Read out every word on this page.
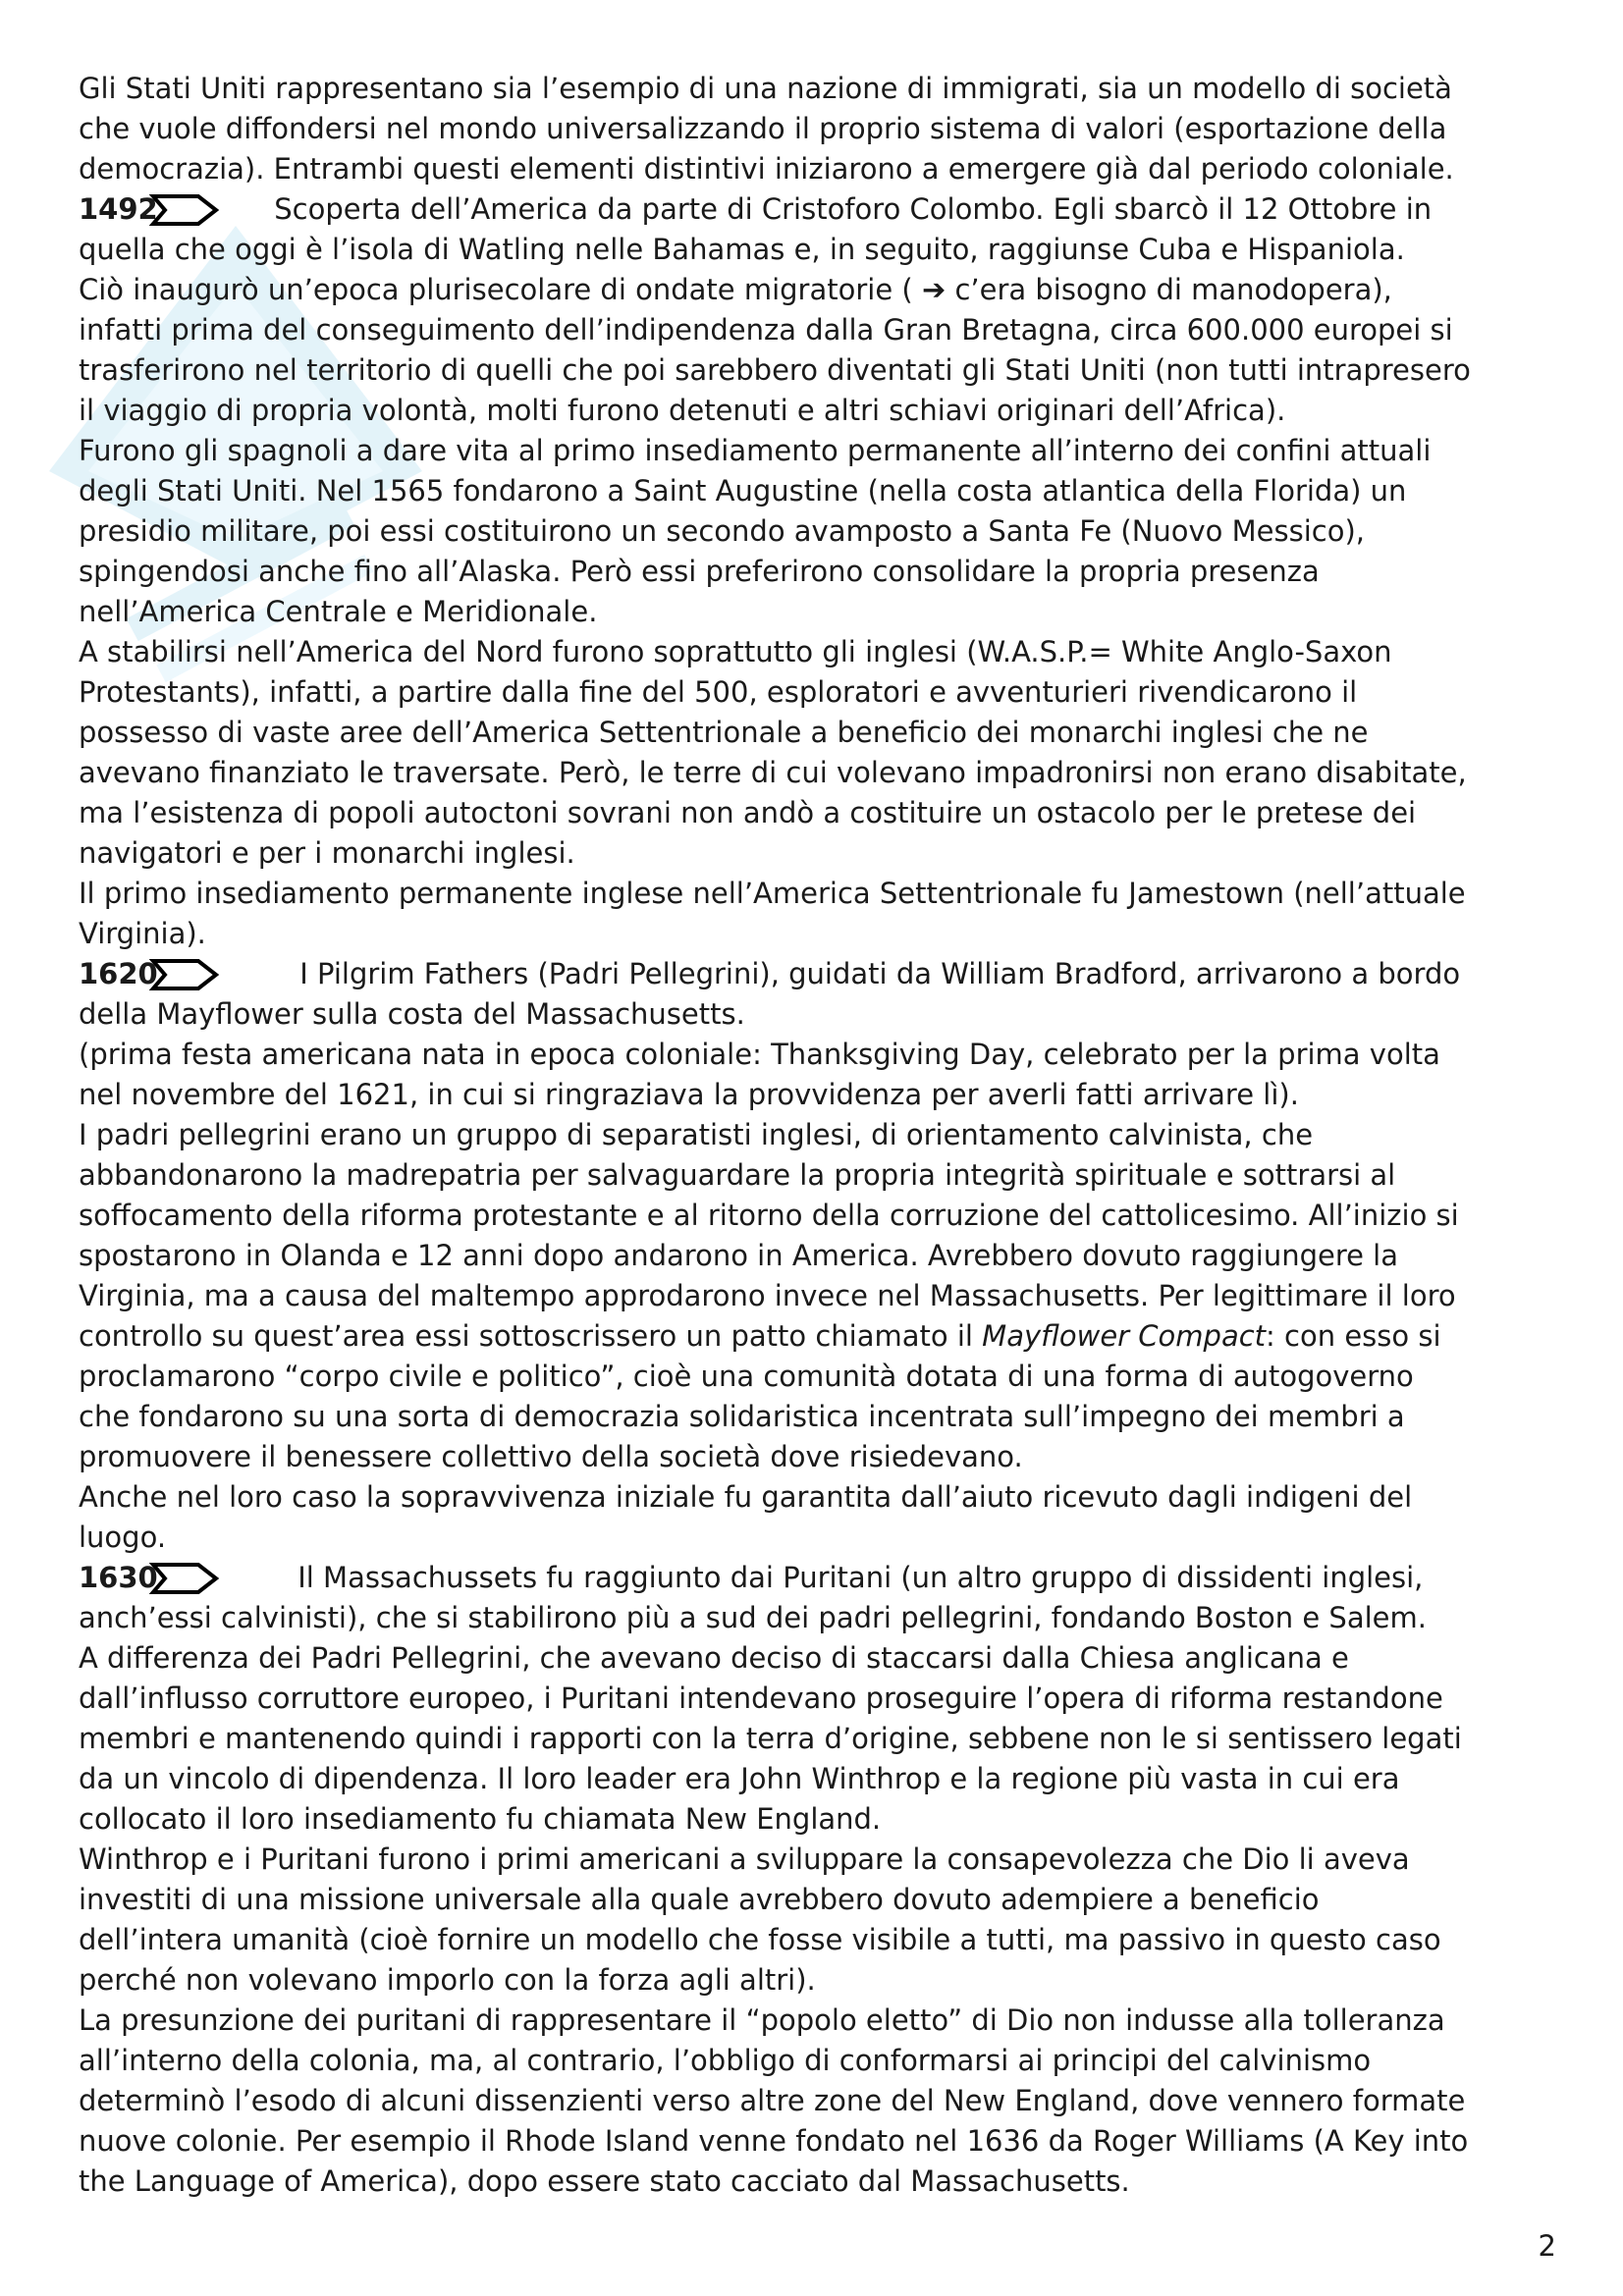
Gli Stati Uniti rappresentano sia l’esempio di una nazione di immigrati, sia un modello di società
che vuole diffondersi nel mondo universalizzando il proprio sistema di valori (esportazione della
democrazia). Entrambi questi elementi distintivi iniziarono a emergere già dal periodo coloniale.
1492	Scoperta dell’America da parte di Cristoforo Colombo. Egli sbarcò il 12 Ottobre in
quella che oggi è l’isola di Watling nelle Bahamas e, in seguito, raggiunse Cuba e Hispaniola.
Ciò inaugurò un’epoca plurisecolare di ondate migratorie ( ➔ c’era bisogno di manodopera),
infatti prima del conseguimento dell’indipendenza dalla Gran Bretagna, circa 600.000 europei si
trasferirono nel territorio di quelli che poi sarebbero diventati gli Stati Uniti (non tutti intrapresero
il viaggio di propria volontà, molti furono detenuti e altri schiavi originari dell’Africa).
Furono gli spagnoli a dare vita al primo insediamento permanente all’interno dei confini attuali
degli Stati Uniti. Nel 1565 fondarono a Saint Augustine (nella costa atlantica della Florida) un
presidio militare, poi essi costituirono un secondo avamposto a Santa Fe (Nuovo Messico),
spingendosi anche fino all’Alaska. Però essi preferirono consolidare la propria presenza
nell’America Centrale e Meridionale.
A stabilirsi nell’America del Nord furono soprattutto gli inglesi (W.A.S.P.= White Anglo-Saxon
Protestants), infatti, a partire dalla fine del 500, esploratori e avventurieri rivendicarono il
possesso di vaste aree dell’America Settentrionale a beneficio dei monarchi inglesi che ne
avevano finanziato le traversate. Però, le terre di cui volevano impadronirsi non erano disabitate,
ma l’esistenza di popoli autoctoni sovrani non andò a costituire un ostacolo per le pretese dei
navigatori e per i monarchi inglesi.
Il primo insediamento permanente inglese nell’America Settentrionale fu Jamestown (nell’attuale
Virginia).
1620	I Pilgrim Fathers (Padri Pellegrini), guidati da William Bradford, arrivarono a bordo
della Mayflower sulla costa del Massachusetts.
(prima festa americana nata in epoca coloniale: Thanksgiving Day, celebrato per la prima volta
nel novembre del 1621, in cui si ringraziava la provvidenza per averli fatti arrivare lì).
I padri pellegrini erano un gruppo di separatisti inglesi, di orientamento calvinista, che
abbandonarono la madrepatria per salvaguardare la propria integrità spirituale e sottrarsi al
soffocamento della riforma protestante e al ritorno della corruzione del cattolicesimo. All’inizio si
spostarono in Olanda e 12 anni dopo andarono in America. Avrebbero dovuto raggiungere la
Virginia, ma a causa del maltempo approdarono invece nel Massachusetts. Per legittimare il loro
controllo su quest’area essi sottoscrissero un patto chiamato il Mayflower Compact: con esso si
proclamarono “corpo civile e politico”, cioè una comunità dotata di una forma di autogoverno
che fondarono su una sorta di democrazia solidaristica incentrata sull’impegno dei membri a
promuovere il benessere collettivo della società dove risiedevano.
Anche nel loro caso la sopravvivenza iniziale fu garantita dall’aiuto ricevuto dagli indigeni del
luogo.
1630	Il Massachussets fu raggiunto dai Puritani (un altro gruppo di dissidenti inglesi,
anch’essi calvinisti), che si stabilirono più a sud dei padri pellegrini, fondando Boston e Salem.
A differenza dei Padri Pellegrini, che avevano deciso di staccarsi dalla Chiesa anglicana e
dall’influsso corruttore europeo, i Puritani intendevano proseguire l’opera di riforma restandone
membri e mantenendo quindi i rapporti con la terra d’origine, sebbene non le si sentissero legati
da un vincolo di dipendenza. Il loro leader era John Winthrop e la regione più vasta in cui era
collocato il loro insediamento fu chiamata New England.
Winthrop e i Puritani furono i primi americani a sviluppare la consapevolezza che Dio li aveva
investiti di una missione universale alla quale avrebbero dovuto adempiere a beneficio
dell’intera umanità (cioè fornire un modello che fosse visibile a tutti, ma passivo in questo caso
perché non volevano imporlo con la forza agli altri).
La presunzione dei puritani di rappresentare il “popolo eletto” di Dio non indusse alla tolleranza
all’interno della colonia, ma, al contrario, l’obbligo di conformarsi ai principi del calvinismo
determinò l’esodo di alcuni dissenzienti verso altre zone del New England, dove vennero formate
nuove colonie. Per esempio il Rhode Island venne fondato nel 1636 da Roger Williams (A Key into
the Language of America), dopo essere stato cacciato dal Massachusetts.
2
